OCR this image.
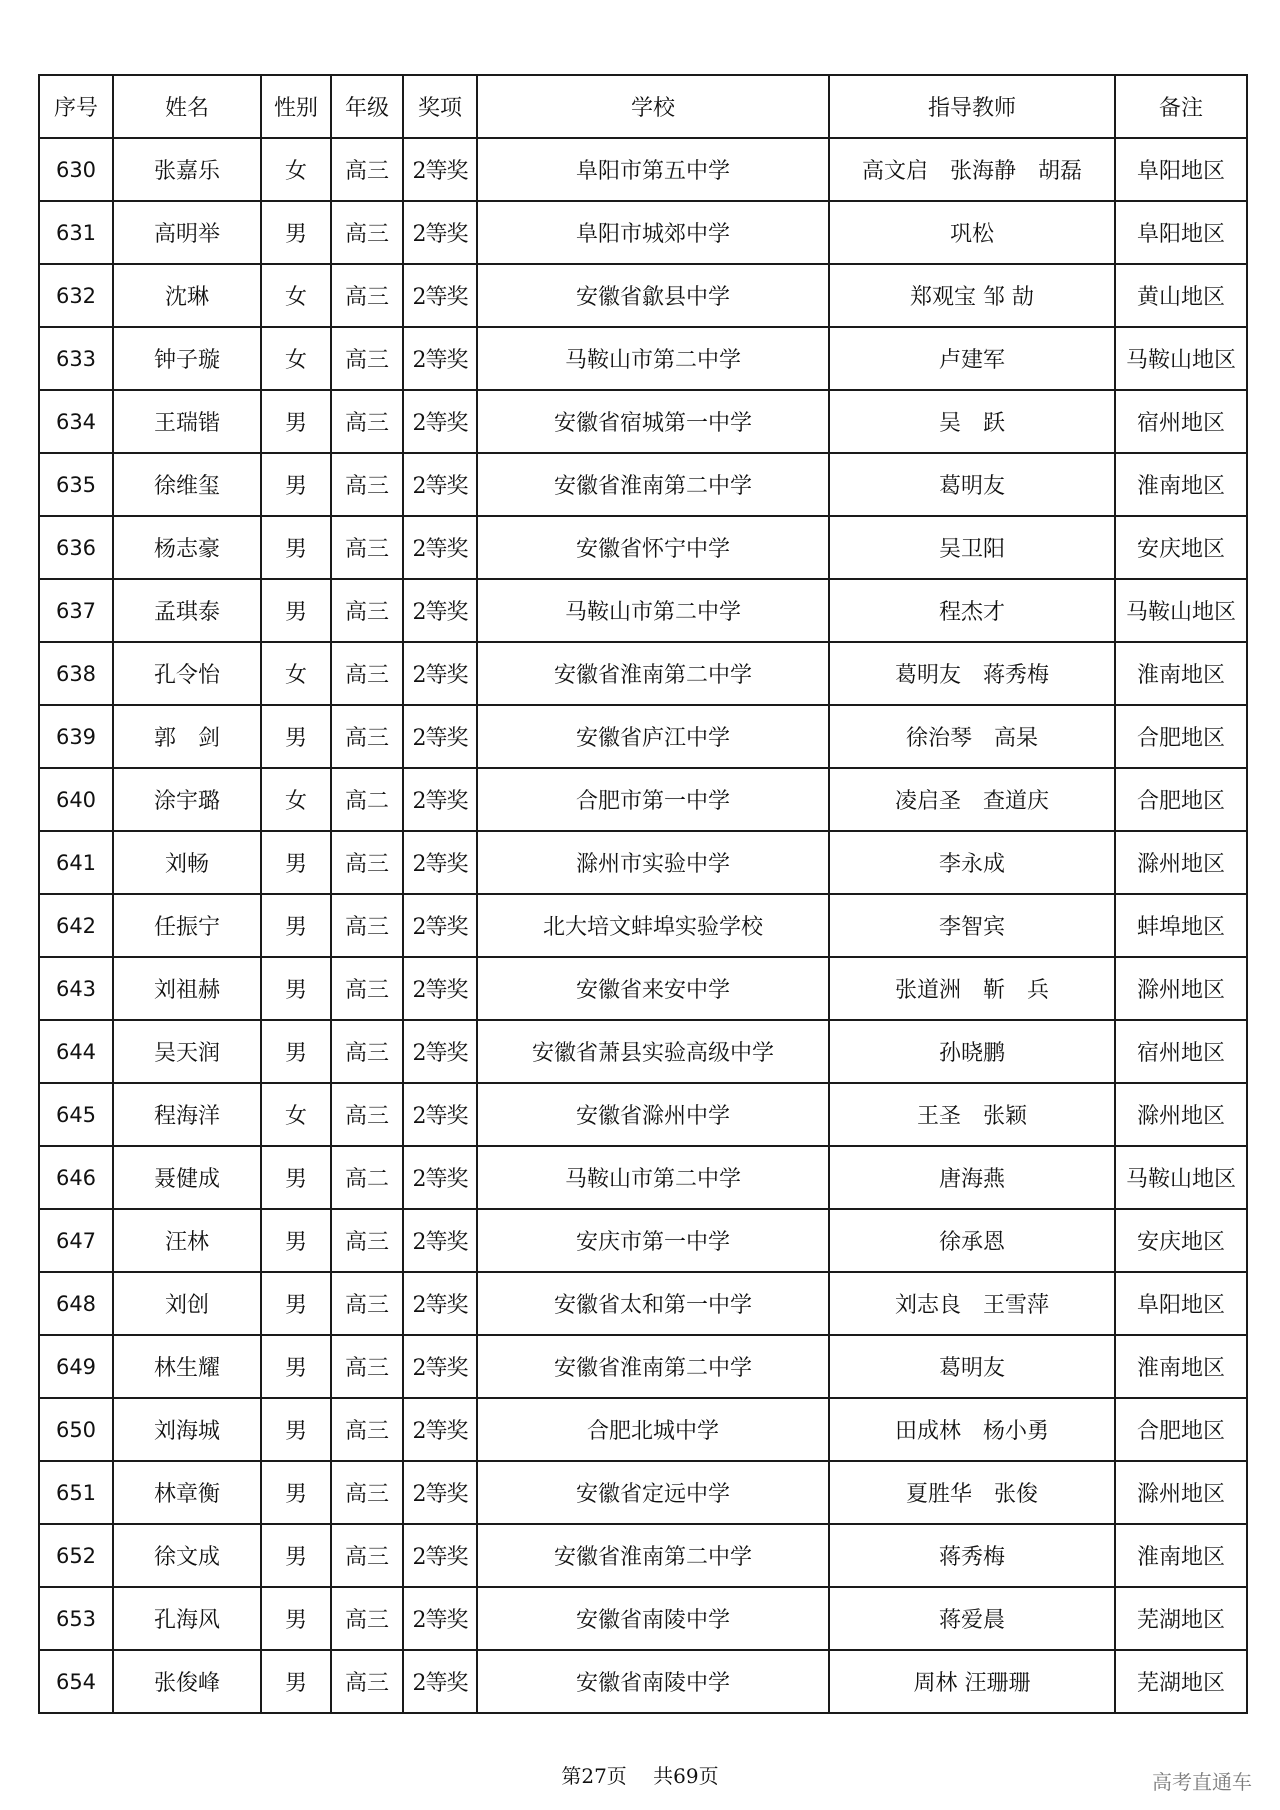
序号	姓名	性别	年级	奖项	学校	指导教师	备注
630	张嘉乐	女	高三	2等奖	阜阳市第五中学	高文启　张海静　胡磊	阜阳地区
631	高明举	男	高三	2等奖	阜阳市城郊中学	巩松	阜阳地区
632	沈琳	女	高三	2等奖	安徽省歙县中学	郑观宝 邹 劼	黄山地区
633	钟子璇	女	高三	2等奖	马鞍山市第二中学	卢建军	马鞍山地区
634	王瑞锴	男	高三	2等奖	安徽省宿城第一中学	吴　跃	宿州地区
635	徐维玺	男	高三	2等奖	安徽省淮南第二中学	葛明友	淮南地区
636	杨志豪	男	高三	2等奖	安徽省怀宁中学	吴卫阳	安庆地区
637	孟琪泰	男	高三	2等奖	马鞍山市第二中学	程杰才	马鞍山地区
638	孔令怡	女	高三	2等奖	安徽省淮南第二中学	葛明友　蒋秀梅	淮南地区
639	郭　剑	男	高三	2等奖	安徽省庐江中学	徐治琴　高杲	合肥地区
640	涂宇璐	女	高二	2等奖	合肥市第一中学	凌启圣　查道庆	合肥地区
641	刘畅	男	高三	2等奖	滁州市实验中学	李永成	滁州地区
642	任振宁	男	高三	2等奖	北大培文蚌埠实验学校	李智宾	蚌埠地区
643	刘祖赫	男	高三	2等奖	安徽省来安中学	张道洲　靳　兵	滁州地区
644	吴天润	男	高三	2等奖	安徽省萧县实验高级中学	孙晓鹏	宿州地区
645	程海洋	女	高三	2等奖	安徽省滁州中学	王圣　张颖	滁州地区
646	聂健成	男	高二	2等奖	马鞍山市第二中学	唐海燕	马鞍山地区
647	汪林	男	高三	2等奖	安庆市第一中学	徐承恩	安庆地区
648	刘创	男	高三	2等奖	安徽省太和第一中学	刘志良　王雪萍	阜阳地区
649	林生耀	男	高三	2等奖	安徽省淮南第二中学	葛明友	淮南地区
650	刘海城	男	高三	2等奖	合肥北城中学	田成林　杨小勇	合肥地区
651	林章衡	男	高三	2等奖	安徽省定远中学	夏胜华　张俊	滁州地区
652	徐文成	男	高三	2等奖	安徽省淮南第二中学	蒋秀梅	淮南地区
653	孔海风	男	高三	2等奖	安徽省南陵中学	蒋爱晨	芜湖地区
654	张俊峰	男	高三	2等奖	安徽省南陵中学	周林 汪珊珊	芜湖地区
第27页　 共69页	高考直通车
